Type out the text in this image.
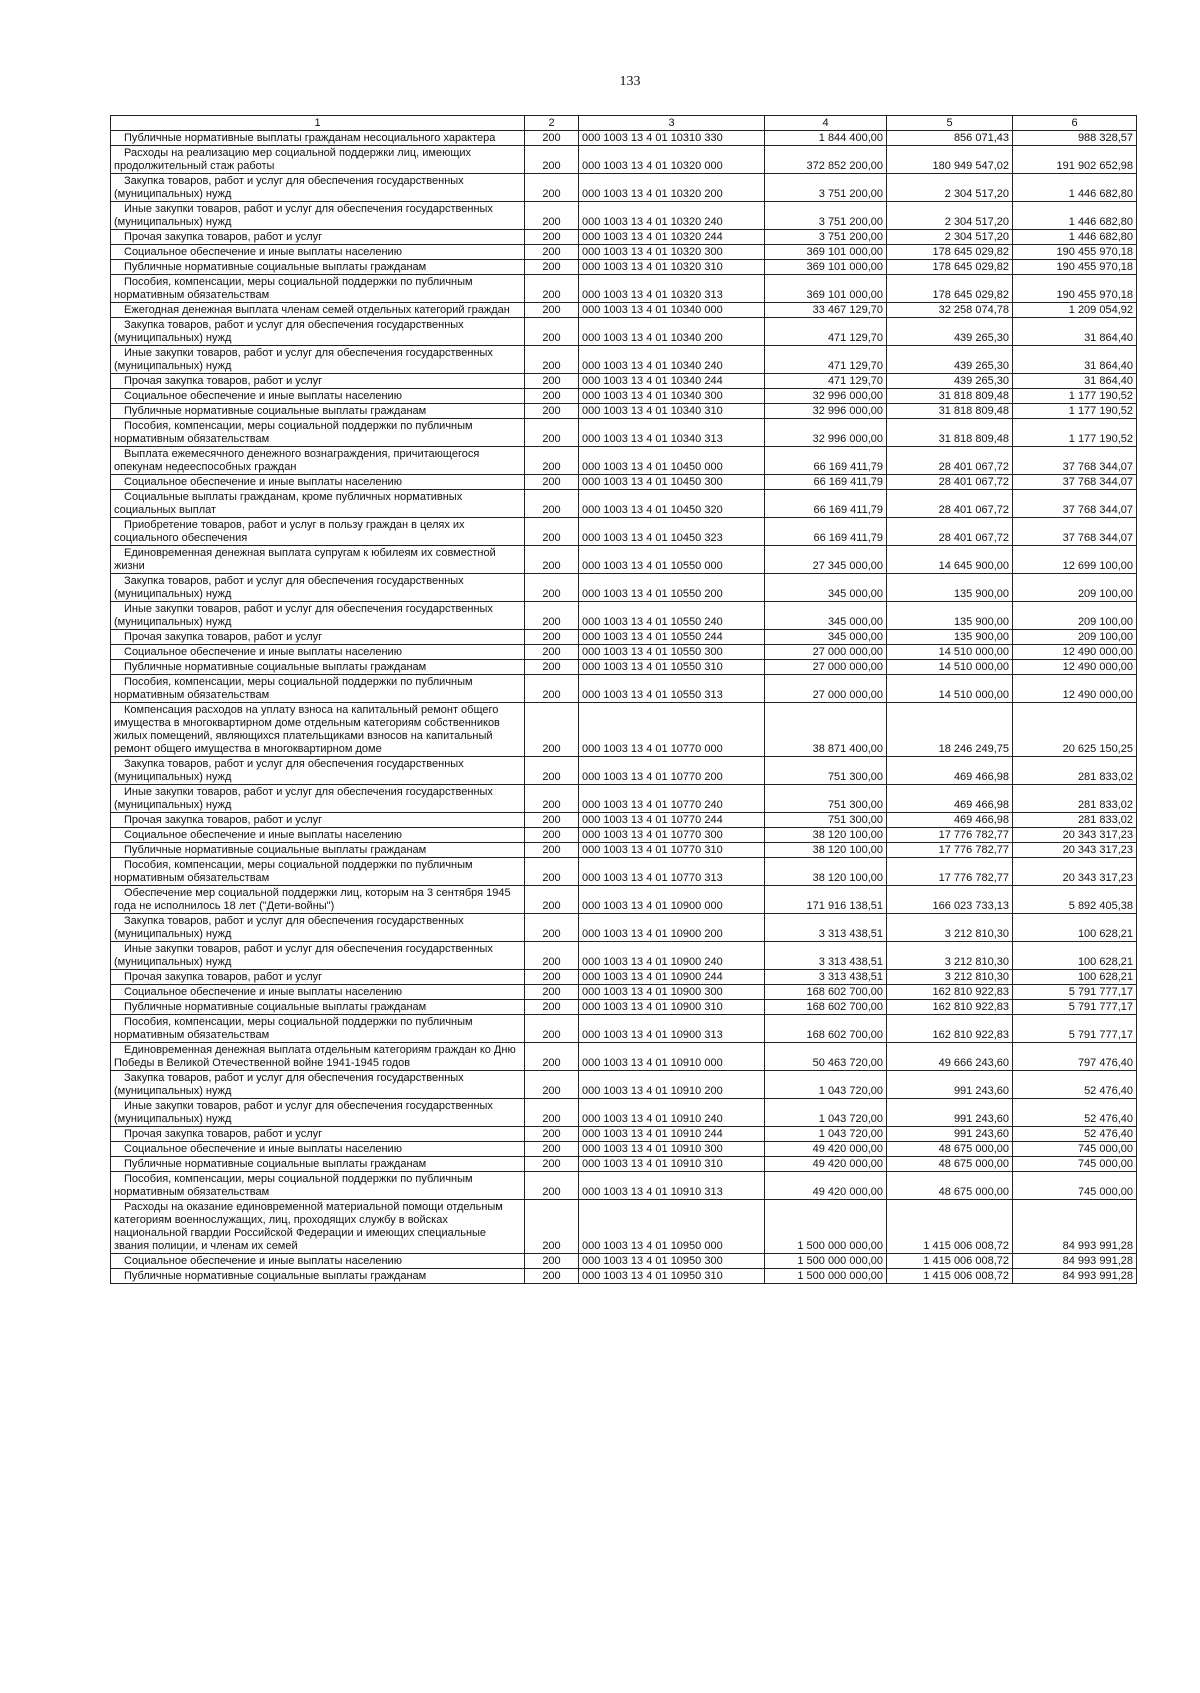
133
1	2	3	4	5	6
Публичные нормативные выплаты гражданам несоциального характера	200	000 1003 13 4 01 10310 330	1 844 400,00	856 071,43	988 328,57
Расходы на реализацию мер социальной поддержки лиц, имеющих продолжительный стаж работы	200	000 1003 13 4 01 10320 000	372 852 200,00	180 949 547,02	191 902 652,98
Закупка товаров, работ и услуг для обеспечения государственных (муниципальных) нужд	200	000 1003 13 4 01 10320 200	3 751 200,00	2 304 517,20	1 446 682,80
Иные закупки товаров, работ и услуг для обеспечения государственных (муниципальных) нужд	200	000 1003 13 4 01 10320 240	3 751 200,00	2 304 517,20	1 446 682,80
Прочая закупка товаров, работ и услуг	200	000 1003 13 4 01 10320 244	3 751 200,00	2 304 517,20	1 446 682,80
Социальное обеспечение и иные выплаты населению	200	000 1003 13 4 01 10320 300	369 101 000,00	178 645 029,82	190 455 970,18
Публичные нормативные социальные выплаты гражданам	200	000 1003 13 4 01 10320 310	369 101 000,00	178 645 029,82	190 455 970,18
Пособия, компенсации, меры социальной поддержки по публичным нормативным обязательствам	200	000 1003 13 4 01 10320 313	369 101 000,00	178 645 029,82	190 455 970,18
Ежегодная денежная выплата членам семей отдельных категорий граждан	200	000 1003 13 4 01 10340 000	33 467 129,70	32 258 074,78	1 209 054,92
Закупка товаров, работ и услуг для обеспечения государственных (муниципальных) нужд	200	000 1003 13 4 01 10340 200	471 129,70	439 265,30	31 864,40
Иные закупки товаров, работ и услуг для обеспечения государственных (муниципальных) нужд	200	000 1003 13 4 01 10340 240	471 129,70	439 265,30	31 864,40
Прочая закупка товаров, работ и услуг	200	000 1003 13 4 01 10340 244	471 129,70	439 265,30	31 864,40
Социальное обеспечение и иные выплаты населению	200	000 1003 13 4 01 10340 300	32 996 000,00	31 818 809,48	1 177 190,52
Публичные нормативные социальные выплаты гражданам	200	000 1003 13 4 01 10340 310	32 996 000,00	31 818 809,48	1 177 190,52
Пособия, компенсации, меры социальной поддержки по публичным нормативным обязательствам	200	000 1003 13 4 01 10340 313	32 996 000,00	31 818 809,48	1 177 190,52
Выплата ежемесячного денежного вознаграждения, причитающегося опекунам недееспособных граждан	200	000 1003 13 4 01 10450 000	66 169 411,79	28 401 067,72	37 768 344,07
Социальное обеспечение и иные выплаты населению	200	000 1003 13 4 01 10450 300	66 169 411,79	28 401 067,72	37 768 344,07
Социальные выплаты гражданам, кроме публичных нормативных социальных выплат	200	000 1003 13 4 01 10450 320	66 169 411,79	28 401 067,72	37 768 344,07
Приобретение товаров, работ и услуг в пользу граждан в целях их социального обеспечения	200	000 1003 13 4 01 10450 323	66 169 411,79	28 401 067,72	37 768 344,07
Единовременная денежная выплата супругам к юбилеям их совместной жизни	200	000 1003 13 4 01 10550 000	27 345 000,00	14 645 900,00	12 699 100,00
Закупка товаров, работ и услуг для обеспечения государственных (муниципальных) нужд	200	000 1003 13 4 01 10550 200	345 000,00	135 900,00	209 100,00
Иные закупки товаров, работ и услуг для обеспечения государственных (муниципальных) нужд	200	000 1003 13 4 01 10550 240	345 000,00	135 900,00	209 100,00
Прочая закупка товаров, работ и услуг	200	000 1003 13 4 01 10550 244	345 000,00	135 900,00	209 100,00
Социальное обеспечение и иные выплаты населению	200	000 1003 13 4 01 10550 300	27 000 000,00	14 510 000,00	12 490 000,00
Публичные нормативные социальные выплаты гражданам	200	000 1003 13 4 01 10550 310	27 000 000,00	14 510 000,00	12 490 000,00
Пособия, компенсации, меры социальной поддержки по публичным нормативным обязательствам	200	000 1003 13 4 01 10550 313	27 000 000,00	14 510 000,00	12 490 000,00
Компенсация расходов на уплату взноса на капитальный ремонт общего имущества в многоквартирном доме отдельным категориям собственников жилых помещений, являющихся плательщиками взносов на капитальный ремонт общего имущества в многоквартирном доме	200	000 1003 13 4 01 10770 000	38 871 400,00	18 246 249,75	20 625 150,25
Закупка товаров, работ и услуг для обеспечения государственных (муниципальных) нужд	200	000 1003 13 4 01 10770 200	751 300,00	469 466,98	281 833,02
Иные закупки товаров, работ и услуг для обеспечения государственных (муниципальных) нужд	200	000 1003 13 4 01 10770 240	751 300,00	469 466,98	281 833,02
Прочая закупка товаров, работ и услуг	200	000 1003 13 4 01 10770 244	751 300,00	469 466,98	281 833,02
Социальное обеспечение и иные выплаты населению	200	000 1003 13 4 01 10770 300	38 120 100,00	17 776 782,77	20 343 317,23
Публичные нормативные социальные выплаты гражданам	200	000 1003 13 4 01 10770 310	38 120 100,00	17 776 782,77	20 343 317,23
Пособия, компенсации, меры социальной поддержки по публичным нормативным обязательствам	200	000 1003 13 4 01 10770 313	38 120 100,00	17 776 782,77	20 343 317,23
Обеспечение мер социальной поддержки лиц, которым на 3 сентября 1945 года не исполнилось 18 лет ("Дети-войны")	200	000 1003 13 4 01 10900 000	171 916 138,51	166 023 733,13	5 892 405,38
Закупка товаров, работ и услуг для обеспечения государственных (муниципальных) нужд	200	000 1003 13 4 01 10900 200	3 313 438,51	3 212 810,30	100 628,21
Иные закупки товаров, работ и услуг для обеспечения государственных (муниципальных) нужд	200	000 1003 13 4 01 10900 240	3 313 438,51	3 212 810,30	100 628,21
Прочая закупка товаров, работ и услуг	200	000 1003 13 4 01 10900 244	3 313 438,51	3 212 810,30	100 628,21
Социальное обеспечение и иные выплаты населению	200	000 1003 13 4 01 10900 300	168 602 700,00	162 810 922,83	5 791 777,17
Публичные нормативные социальные выплаты гражданам	200	000 1003 13 4 01 10900 310	168 602 700,00	162 810 922,83	5 791 777,17
Пособия, компенсации, меры социальной поддержки по публичным нормативным обязательствам	200	000 1003 13 4 01 10900 313	168 602 700,00	162 810 922,83	5 791 777,17
Единовременная денежная выплата отдельным категориям граждан ко Дню Победы в Великой Отечественной войне 1941-1945 годов	200	000 1003 13 4 01 10910 000	50 463 720,00	49 666 243,60	797 476,40
Закупка товаров, работ и услуг для обеспечения государственных (муниципальных) нужд	200	000 1003 13 4 01 10910 200	1 043 720,00	991 243,60	52 476,40
Иные закупки товаров, работ и услуг для обеспечения государственных (муниципальных) нужд	200	000 1003 13 4 01 10910 240	1 043 720,00	991 243,60	52 476,40
Прочая закупка товаров, работ и услуг	200	000 1003 13 4 01 10910 244	1 043 720,00	991 243,60	52 476,40
Социальное обеспечение и иные выплаты населению	200	000 1003 13 4 01 10910 300	49 420 000,00	48 675 000,00	745 000,00
Публичные нормативные социальные выплаты гражданам	200	000 1003 13 4 01 10910 310	49 420 000,00	48 675 000,00	745 000,00
Пособия, компенсации, меры социальной поддержки по публичным нормативным обязательствам	200	000 1003 13 4 01 10910 313	49 420 000,00	48 675 000,00	745 000,00
Расходы на оказание единовременной материальной помощи отдельным категориям военнослужащих, лиц, проходящих службу в войсках национальной гвардии Российской Федерации и имеющих специальные звания полиции, и членам их семей	200	000 1003 13 4 01 10950 000	1 500 000 000,00	1 415 006 008,72	84 993 991,28
Социальное обеспечение и иные выплаты населению	200	000 1003 13 4 01 10950 300	1 500 000 000,00	1 415 006 008,72	84 993 991,28
Публичные нормативные социальные выплаты гражданам	200	000 1003 13 4 01 10950 310	1 500 000 000,00	1 415 006 008,72	84 993 991,28
